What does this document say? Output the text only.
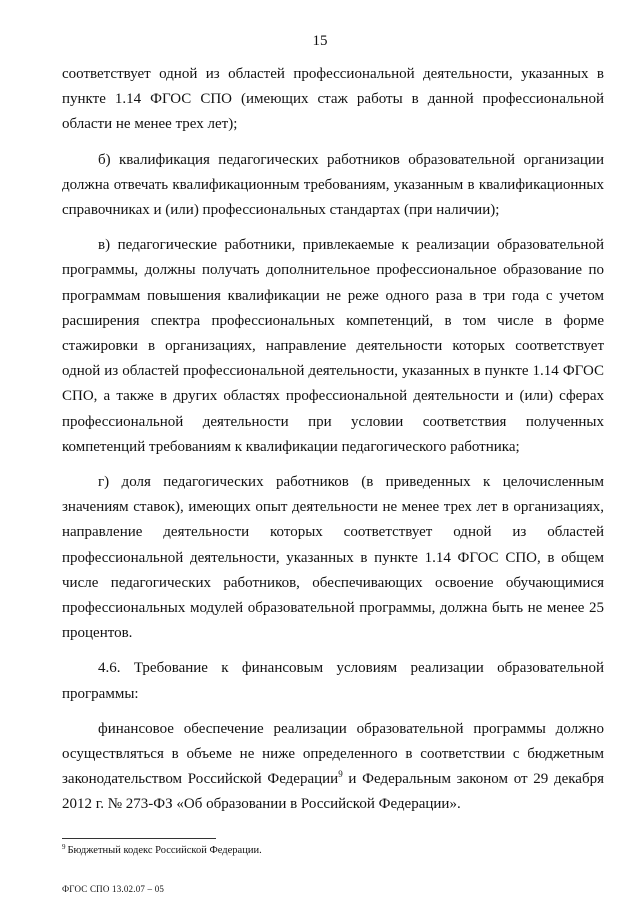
15

соответствует одной из областей профессиональной деятельности, указанных в пункте 1.14 ФГОС СПО (имеющих стаж работы в данной профессиональной области не менее трех лет);

б) квалификация педагогических работников образовательной организации должна отвечать квалификационным требованиям, указанным в квалификационных справочниках и (или) профессиональных стандартах (при наличии);

в) педагогические работники, привлекаемые к реализации образовательной программы, должны получать дополнительное профессиональное образование по программам повышения квалификации не реже одного раза в три года с учетом расширения спектра профессиональных компетенций, в том числе в форме стажировки в организациях, направление деятельности которых соответствует одной из областей профессиональной деятельности, указанных в пункте 1.14 ФГОС СПО, а также в других областях профессиональной деятельности и (или) сферах профессиональной деятельности при условии соответствия полученных компетенций требованиям к квалификации педагогического работника;

г) доля педагогических работников (в приведенных к целочисленным значениям ставок), имеющих опыт деятельности не менее трех лет в организациях, направление деятельности которых соответствует одной из областей профессиональной деятельности, указанных в пункте 1.14 ФГОС СПО, в общем числе педагогических работников, обеспечивающих освоение обучающимися профессиональных модулей образовательной программы, должна быть не менее 25 процентов.

4.6. Требование к финансовым условиям реализации образовательной программы:

финансовое обеспечение реализации образовательной программы должно осуществляться в объеме не ниже определенного в соответствии с бюджетным законодательством Российской Федерации$^9$ и Федеральным законом от 29 декабря 2012 г. № 273-ФЗ «Об образовании в Российской Федерации».

$^9$ Бюджетный кодекс Российской Федерации.
ФГОС СПО 13.02.07 – 05
